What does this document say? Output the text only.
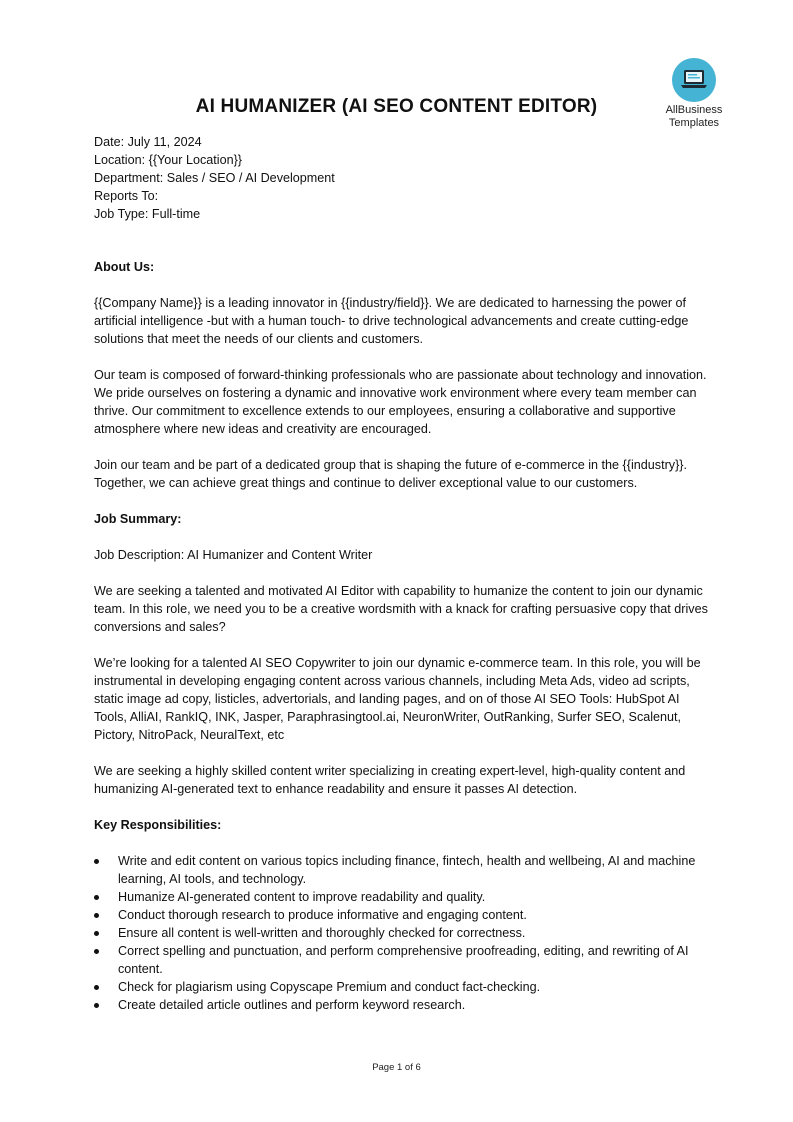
AllBusiness
Templates
AI HUMANIZER (AI SEO CONTENT EDITOR)
Date: July 11, 2024
Location: {{Your Location}}
Department: Sales / SEO / AI Development
Reports To:
Job Type: Full-time
About Us:

{{Company Name}} is a leading innovator in {{industry/field}}. We are dedicated to harnessing the power of artificial intelligence -but with a human touch- to drive technological advancements and create cutting-edge solutions that meet the needs of our clients and customers.

Our team is composed of forward-thinking professionals who are passionate about technology and innovation. We pride ourselves on fostering a dynamic and innovative work environment where every team member can thrive. Our commitment to excellence extends to our employees, ensuring a collaborative and supportive atmosphere where new ideas and creativity are encouraged.

Join our team and be part of a dedicated group that is shaping the future of e-commerce in the {{industry}}. Together, we can achieve great things and continue to deliver exceptional value to our customers.

Job Summary:

Job Description: AI Humanizer and Content Writer

We are seeking a talented and motivated AI Editor with capability to humanize the content to join our dynamic team. In this role, we need you to be a creative wordsmith with a knack for crafting persuasive copy that drives conversions and sales?

We’re looking for a talented AI SEO Copywriter to join our dynamic e-commerce team. In this role, you will be instrumental in developing engaging content across various channels, including Meta Ads, video ad scripts, static image ad copy, listicles, advertorials, and landing pages, and on of those AI SEO Tools: HubSpot AI Tools, AlliAI, RankIQ, INK, Jasper, Paraphrasingtool.ai, NeuronWriter, OutRanking, Surfer SEO, Scalenut, Pictory, NitroPack, NeuralText, etc

We are seeking a highly skilled content writer specializing in creating expert-level, high-quality content and humanizing AI-generated text to enhance readability and ensure it passes AI detection.

Key Responsibilities:
Write and edit content on various topics including finance, fintech, health and wellbeing, AI and machine learning, AI tools, and technology.
Humanize AI-generated content to improve readability and quality.
Conduct thorough research to produce informative and engaging content.
Ensure all content is well-written and thoroughly checked for correctness.
Correct spelling and punctuation, and perform comprehensive proofreading, editing, and rewriting of AI content.
Check for plagiarism using Copyscape Premium and conduct fact-checking.
Create detailed article outlines and perform keyword research.
Page 1 of 6
